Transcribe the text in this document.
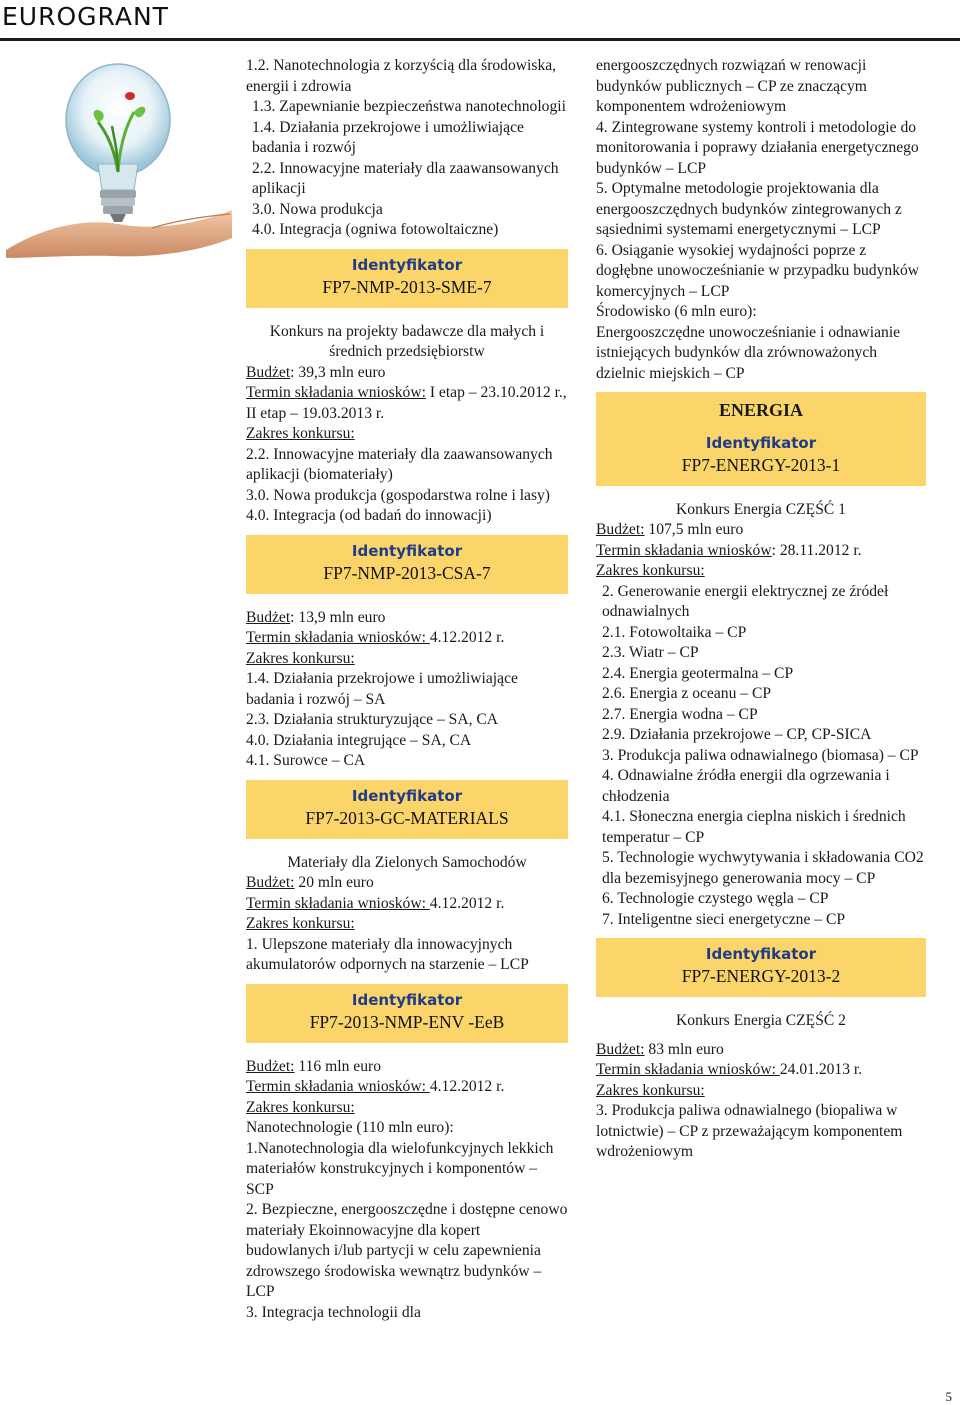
EUROGRANT

1.2. Nanotechnologia z korzyścią dla środowiska, energii i zdrowia

1.3. Zapewnianie bezpieczeństwa nanotechnologii

1.4. Działania przekrojowe i umożliwiające badania i rozwój

2.2. Innowacyjne materiały dla zaawansowanych aplikacji

3.0. Nowa produkcja

4.0. Integracja (ogniwa fotowoltaiczne)

Identyfikator
FP7-NMP-2013-SME-7

Konkurs na projekty badawcze dla małych i średnich przedsiębiorstw

Budżet: 39,3 mln euro

Termin składania wniosków: I etap – 23.10.2012 r., II etap – 19.03.2013 r.

Zakres konkursu:

2.2. Innowacyjne materiały dla zaawansowanych aplikacji (biomateriały)

3.0. Nowa produkcja (gospodarstwa rolne i lasy)

4.0. Integracja (od badań do innowacji)

Identyfikator
FP7-NMP-2013-CSA-7

Budżet: 13,9 mln euro

Termin składania wniosków: 4.12.2012 r.

Zakres konkursu:

1.4. Działania przekrojowe i umożliwiające badania i rozwój – SA

2.3. Działania strukturyzujące – SA, CA

4.0. Działania integrujące – SA, CA

4.1. Surowce – CA

Identyfikator
FP7-2013-GC-MATERIALS

Materiały dla Zielonych Samochodów

Budżet: 20 mln euro

Termin składania wniosków: 4.12.2012 r.

Zakres konkursu:

1. Ulepszone materiały dla innowacyjnych akumulatorów odpornych na starzenie – LCP

Identyfikator
FP7-2013-NMP-ENV -EeB

Budżet: 116 mln euro

Termin składania wniosków: 4.12.2012 r.

Zakres konkursu:

Nanotechnologie (110 mln euro):

1.Nanotechnologia dla wielofunkcyjnych lekkich materiałów konstrukcyjnych i komponentów – SCP

2. Bezpieczne, energooszczędne i dostępne cenowo materiały Ekoinnowacyjne dla kopert budowlanych i/lub partycji w celu zapewnienia zdrowszego środowiska wewnątrz budynków – LCP

3. Integracja technologii dla

energooszczędnych rozwiązań w renowacji budynków publicznych – CP ze znaczącym komponentem wdrożeniowym

4. Zintegrowane systemy kontroli i metodologie do monitorowania i poprawy działania energetycznego budynków – LCP

5. Optymalne metodologie projektowania dla energooszczędnych budynków zintegrowanych z sąsiednimi systemami energetycznymi – LCP

6. Osiąganie wysokiej wydajności poprze z dogłębne unowocześnianie w przypadku budynków komercyjnych – LCP

Środowisko (6 mln euro):

Energooszczędne unowocześnianie i odnawianie istniejących budynków dla zrównoważonych dzielnic miejskich – CP

ENERGIA
Identyfikator
FP7-ENERGY-2013-1

Konkurs Energia CZĘŚĆ 1

Budżet: 107,5 mln euro

Termin składania wniosków: 28.11.2012 r.

Zakres konkursu:

2. Generowanie energii elektrycznej ze źródeł odnawialnych

2.1. Fotowoltaika – CP

2.3. Wiatr – CP

2.4. Energia geotermalna – CP

2.6. Energia z oceanu – CP

2.7. Energia wodna – CP

2.9. Działania przekrojowe – CP, CP-SICA

3. Produkcja paliwa odnawialnego (biomasa) – CP

4. Odnawialne źródła energii dla ogrzewania i chłodzenia

4.1. Słoneczna energia cieplna niskich i średnich temperatur – CP

5. Technologie wychwytywania i składowania CO2 dla bezemisyjnego generowania mocy – CP

6. Technologie czystego węgla – CP

7. Inteligentne sieci energetyczne – CP

Identyfikator
FP7-ENERGY-2013-2

Konkurs Energia CZĘŚĆ 2

Budżet: 83 mln euro

Termin składania wniosków: 24.01.2013 r.

Zakres konkursu:

3. Produkcja paliwa odnawialnego (biopaliwa w lotnictwie) – CP z przeważającym komponentem wdrożeniowym

5
